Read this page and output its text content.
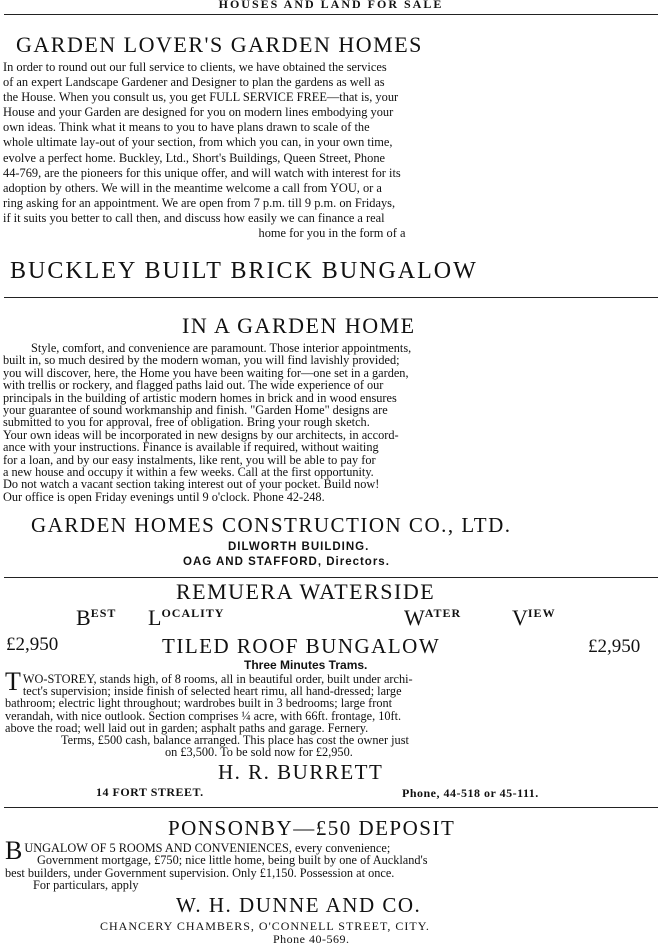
HOUSES AND LAND FOR SALE
GARDEN LOVER'S GARDEN HOMES
In order to round out our full service to clients, we have obtained the services
of an expert Landscape Gardener and Designer to plan the gardens as well as
the House. When you consult us, you get FULL SERVICE FREE—that is, your
House and your Garden are designed for you on modern lines embodying your
own ideas. Think what it means to you to have plans drawn to scale of the
whole ultimate lay-out of your section, from which you can, in your own time,
evolve a perfect home. Buckley, Ltd., Short's Buildings, Queen Street, Phone
44-769, are the pioneers for this unique offer, and will watch with interest for its
adoption by others. We will in the meantime welcome a call from YOU, or a
ring asking for an appointment. We are open from 7 p.m. till 9 p.m. on Fridays,
if it suits you better to call then, and discuss how easily we can finance a real
home for you in the form of a
BUCKLEY BUILT BRICK BUNGALOW
IN A GARDEN HOME
Style, comfort, and convenience are paramount. Those interior appointments,
built in, so much desired by the modern woman, you will find lavishly provided;
you will discover, here, the Home you have been waiting for—one set in a garden,
with trellis or rockery, and flagged paths laid out. The wide experience of our
principals in the building of artistic modern homes in brick and in wood ensures
your guarantee of sound workmanship and finish. "Garden Home" designs are
submitted to you for approval, free of obligation. Bring your rough sketch.
Your own ideas will be incorporated in new designs by our architects, in accord-
ance with your instructions. Finance is available if required, without waiting
for a loan, and by our easy instalments, like rent, you will be able to pay for
a new house and occupy it within a few weeks. Call at the first opportunity.
Do not watch a vacant section taking interest out of your pocket. Build now!
Our office is open Friday evenings until 9 o'clock. Phone 42-248.
GARDEN HOMES CONSTRUCTION CO., LTD.
DILWORTH BUILDING.
OAG AND STAFFORD, Directors.
REMUERA WATERSIDE
$B^{EST}$ $L^{OCALITY}$	$W^{ATER}$ $V^{IEW}$
£2,950	TILED ROOF BUNGALOW	£2,950
Three Minutes Trams.
T WO-STOREY, stands high, of 8 rooms, all in beautiful order, built under archi-
tect's supervision; inside finish of selected heart rimu, all hand-dressed; large
bathroom; electric light throughout; wardrobes built in 3 bedrooms; large front
verandah, with nice outlook. Section comprises ¼ acre, with 66ft. frontage, 10ft.
above the road; well laid out in garden; asphalt paths and garage. Fernery.
Terms, £500 cash, balance arranged. This place has cost the owner just
on £3,500. To be sold now for £2,950.
H. R. BURRETT
14 FORT STREET.	Phone, 44-518 or 45-111.
PONSONBY—£50 DEPOSIT
B UNGALOW OF 5 ROOMS AND CONVENIENCES, every convenience;
Government mortgage, £750; nice little home, being built by one of Auckland's
best builders, under Government supervision. Only £1,150. Possession at once.
For particulars, apply
W. H. DUNNE AND CO.
CHANCERY CHAMBERS, O'CONNELL STREET, CITY.
Phone 40-569.
